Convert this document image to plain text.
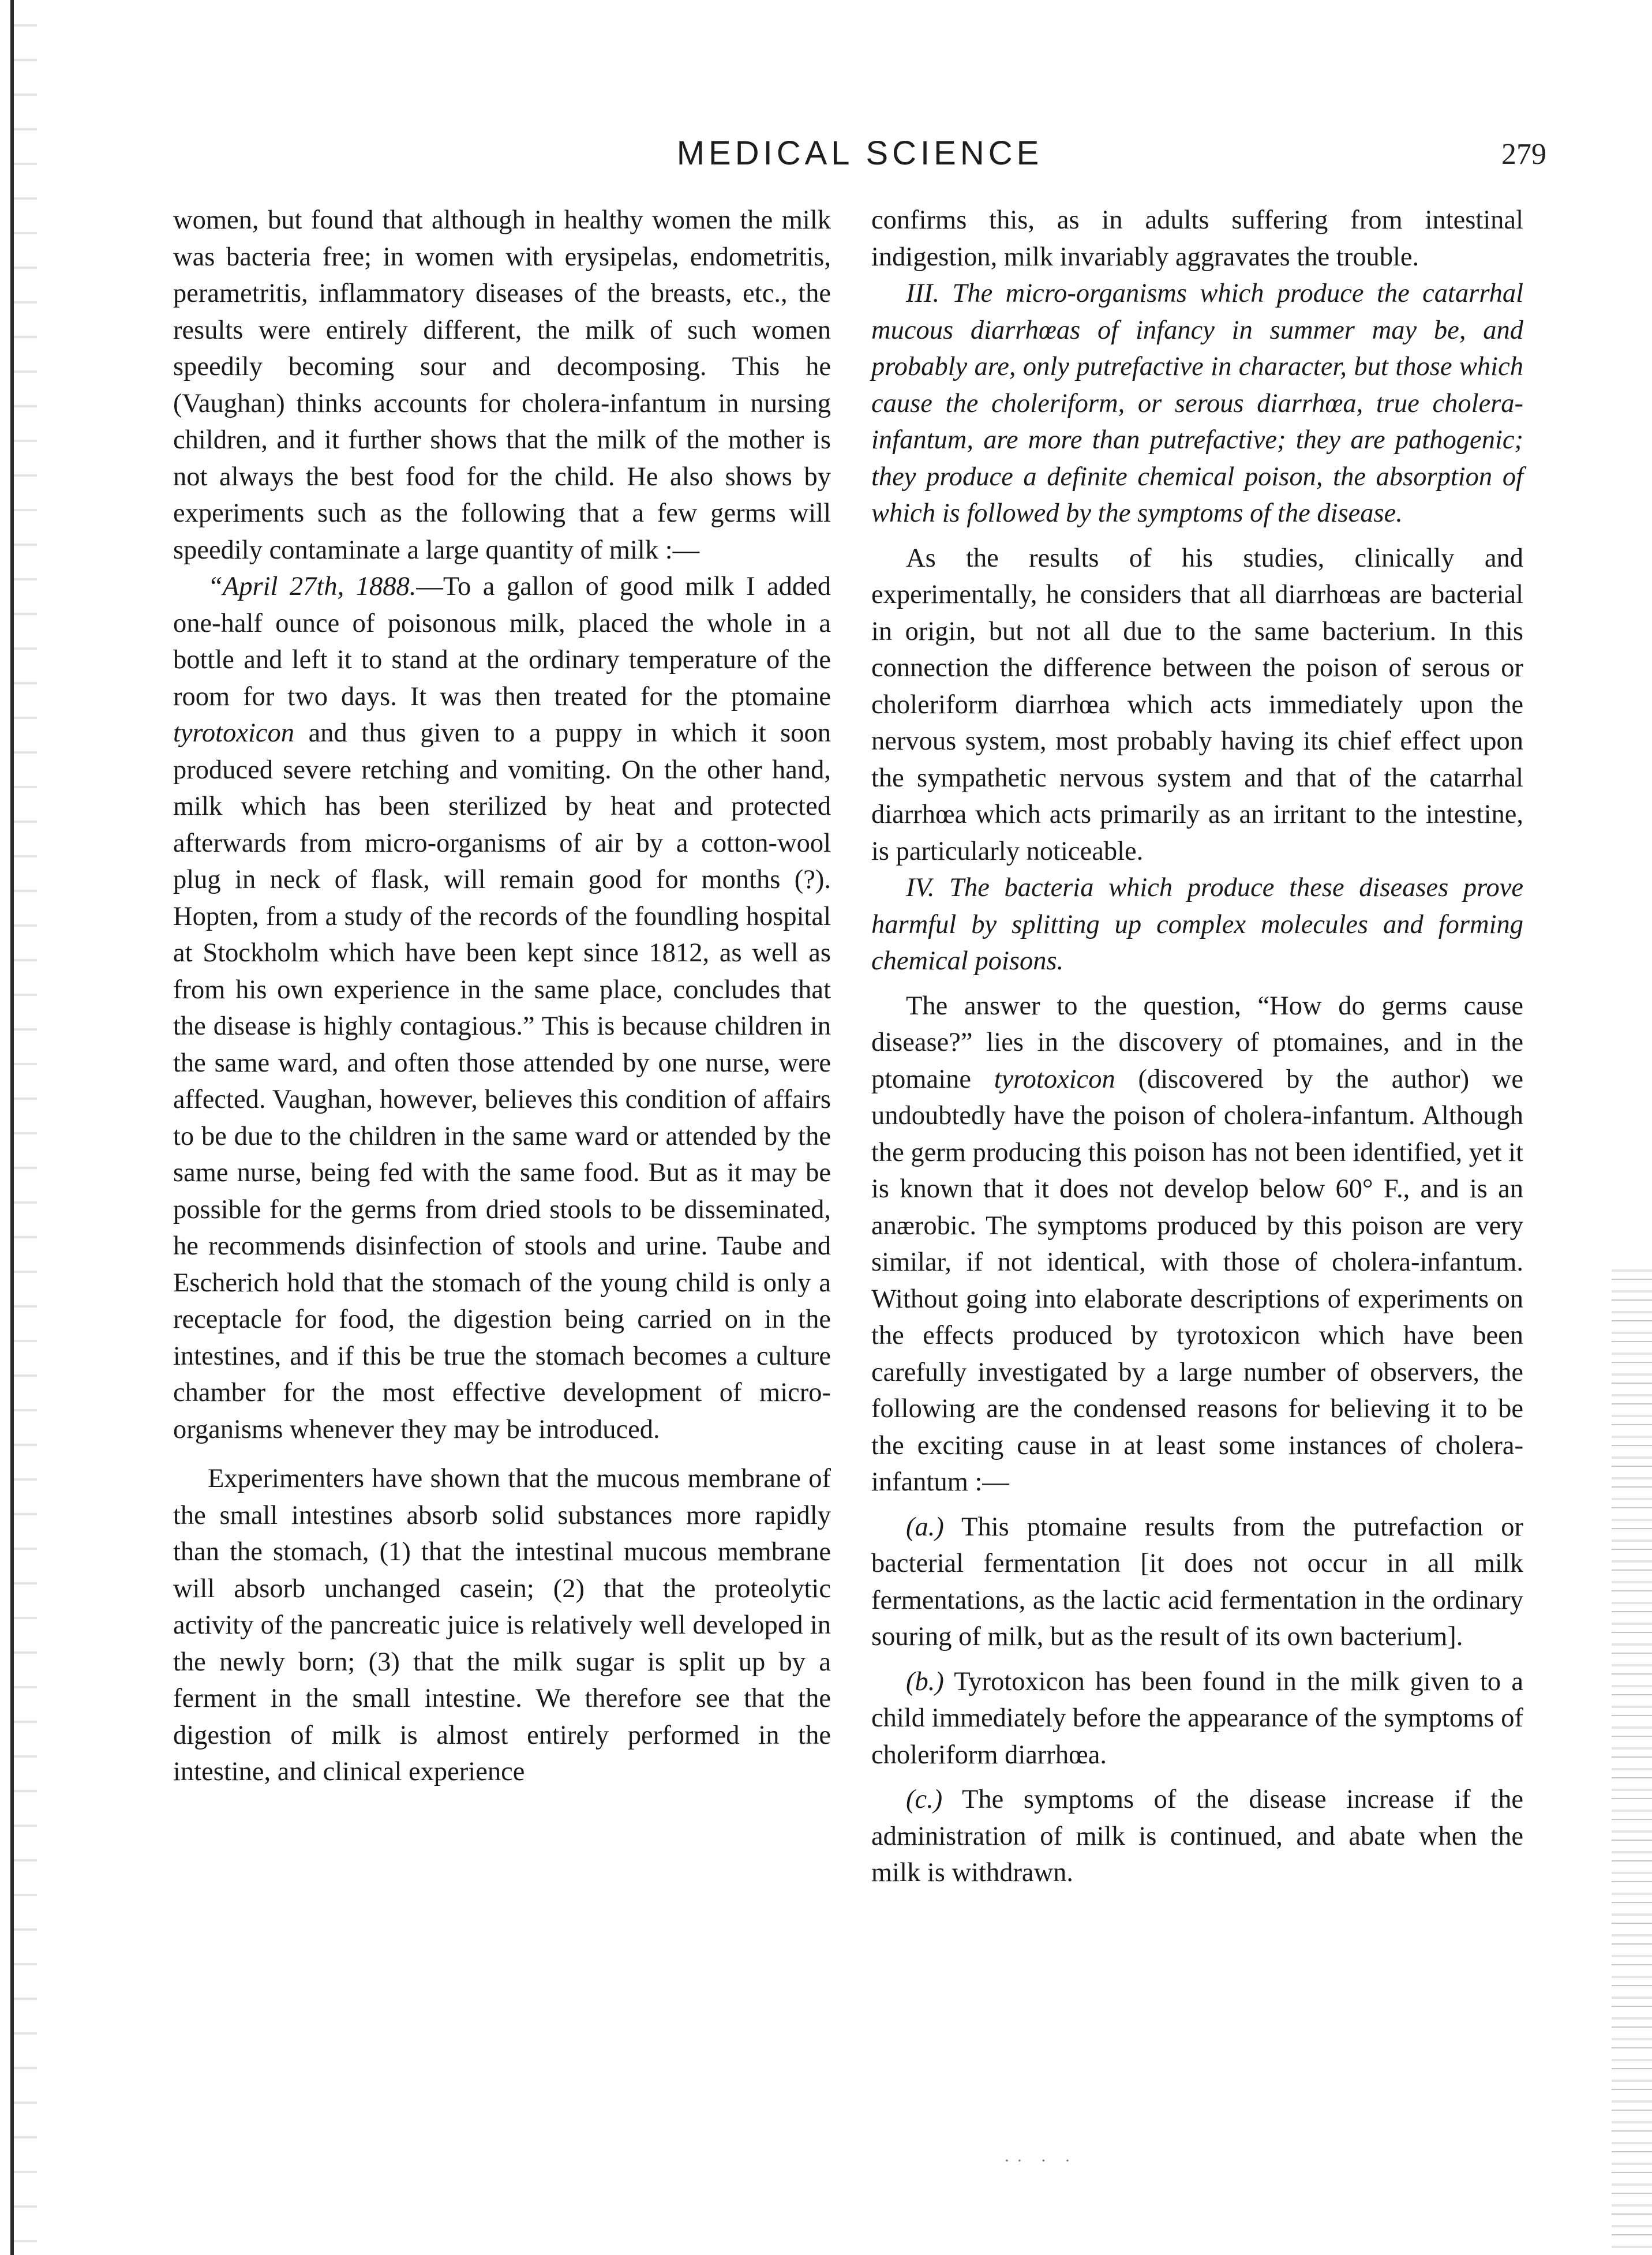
MEDICAL SCIENCE	279

women, but found that although in healthy women the milk was bacteria free; in women with erysipelas, endometritis, perametritis, inflammatory diseases of the breasts, etc., the results were entirely different, the milk of such women speedily becoming sour and decomposing. This he (Vaughan) thinks accounts for cholera-infantum in nursing children, and it further shows that the milk of the mother is not always the best food for the child. He also shows by experiments such as the following that a few germs will speedily contaminate a large quantity of milk :—

“April 27th, 1888.—To a gallon of good milk I added one-half ounce of poisonous milk, placed the whole in a bottle and left it to stand at the ordinary temperature of the room for two days. It was then treated for the ptomaine tyrotoxicon and thus given to a puppy in which it soon produced severe retching and vomiting. On the other hand, milk which has been sterilized by heat and protected afterwards from micro-organisms of air by a cotton-wool plug in neck of flask, will remain good for months (?). Hopten, from a study of the records of the foundling hospital at Stockholm which have been kept since 1812, as well as from his own experience in the same place, concludes that the disease is highly contagious.” This is because children in the same ward, and often those attended by one nurse, were affected. Vaughan, however, believes this condition of affairs to be due to the children in the same ward or attended by the same nurse, being fed with the same food. But as it may be possible for the germs from dried stools to be disseminated, he recommends disinfection of stools and urine. Taube and Escherich hold that the stomach of the young child is only a receptacle for food, the digestion being carried on in the intestines, and if this be true the stomach becomes a culture chamber for the most effective development of micro-organisms whenever they may be introduced.

Experimenters have shown that the mucous membrane of the small intestines absorb solid substances more rapidly than the stomach, (1) that the intestinal mucous membrane will absorb unchanged casein; (2) that the proteolytic activity of the pancreatic juice is relatively well developed in the newly born; (3) that the milk sugar is split up by a ferment in the small intestine. We therefore see that the digestion of milk is almost entirely performed in the intestine, and clinical experience

confirms this, as in adults suffering from intestinal indigestion, milk invariably aggravates the trouble.

III. The micro-organisms which produce the catarrhal mucous diarrhœas of infancy in summer may be, and probably are, only putrefactive in character, but those which cause the choleriform, or serous diarrhœa, true cholera-infantum, are more than putrefactive; they are pathogenic; they produce a definite chemical poison, the absorption of which is followed by the symptoms of the disease.

As the results of his studies, clinically and experimentally, he considers that all diarrhœas are bacterial in origin, but not all due to the same bacterium. In this connection the difference between the poison of serous or choleriform diarrhœa which acts immediately upon the nervous system, most probably having its chief effect upon the sympathetic nervous system and that of the catarrhal diarrhœa which acts primarily as an irritant to the intestine, is particularly noticeable.

IV. The bacteria which produce these diseases prove harmful by splitting up complex molecules and forming chemical poisons.

The answer to the question, “How do germs cause disease?” lies in the discovery of ptomaines, and in the ptomaine tyrotoxicon (discovered by the author) we undoubtedly have the poison of cholera-infantum. Although the germ producing this poison has not been identified, yet it is known that it does not develop below 60° F., and is an anærobic. The symptoms produced by this poison are very similar, if not identical, with those of cholera-infantum. Without going into elaborate descriptions of experiments on the effects produced by tyrotoxicon which have been carefully investigated by a large number of observers, the following are the condensed reasons for believing it to be the exciting cause in at least some instances of cholera-infantum :—

(a.) This ptomaine results from the putrefaction or bacterial fermentation [it does not occur in all milk fermentations, as the lactic acid fermentation in the ordinary souring of milk, but as the result of its own bacterium].

(b.) Tyrotoxicon has been found in the milk given to a child immediately before the appearance of the symptoms of choleriform diarrhœa.

(c.) The symptoms of the disease increase if the administration of milk is continued, and abate when the milk is withdrawn.

·· · ·
